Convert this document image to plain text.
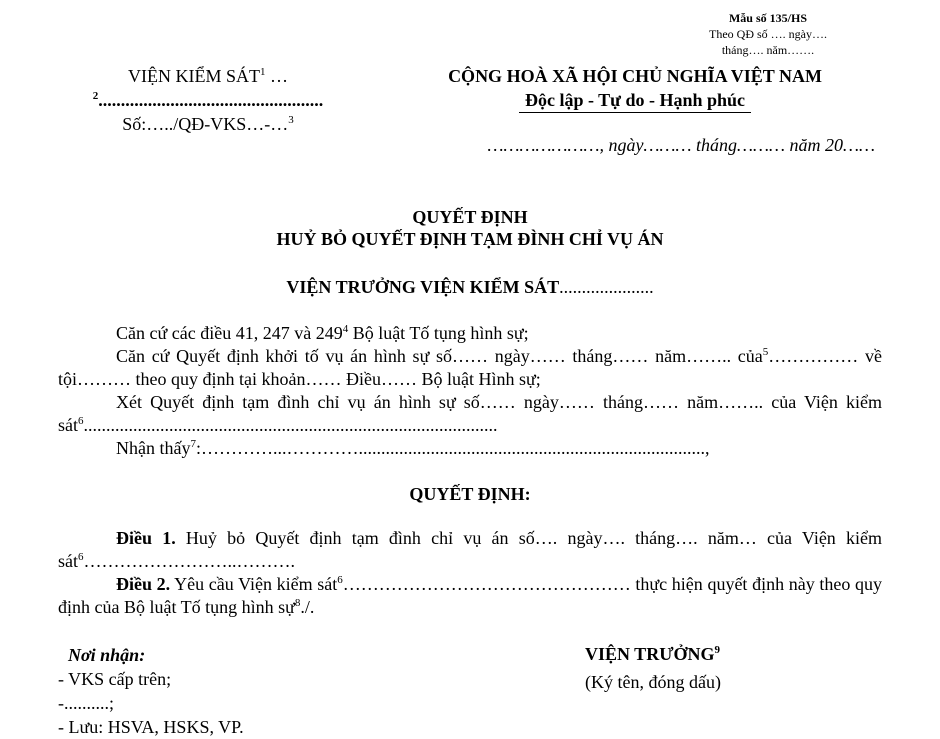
Mẫu số 135/HS
Theo QĐ số …. ngày….
tháng…. năm…….
VIỆN KIỂM SÁT$^1$ …
$^2$..................................................
Số:…../QĐ-VKS…-…$^3$
CỘNG HOÀ XÃ HỘI CHỦ NGHĨA VIỆT NAM
Độc lập - Tự do - Hạnh phúc
…………………, ngày……… tháng……… năm 20……
QUYẾT ĐỊNH
HUỶ BỎ QUYẾT ĐỊNH TẠM ĐÌNH CHỈ VỤ ÁN
VIỆN TRƯỞNG VIỆN KIỂM SÁT.....................

Căn cứ các điều 41, 247 và $249^4$ Bộ luật Tố tụng hình sự;

Căn cứ Quyết định khởi tố vụ án hình sự số…… ngày…… tháng…… năm…….. của$^5$…………… về tội……… theo quy định tại khoản…… Điều…… Bộ luật Hình sự;

Xét Quyết định tạm đình chỉ vụ án hình sự số…… ngày…… tháng…… năm…….. của Viện kiểm sát$^6$............................................................................................

Nhận thấy$^7$:…………...………….............................................................................,

QUYẾT ĐỊNH:

Điều 1. Huỷ bỏ Quyết định tạm đình chỉ vụ án số…. ngày…. tháng…. năm… của Viện kiểm sát$^6$……………………..……….

Điều 2. Yêu cầu Viện kiểm sát$^6$………………………………………… thực hiện quyết định này theo quy định của Bộ luật Tố tụng hình sự$^8$./.

Nơi nhận:
- VKS cấp trên;
-..........;
- Lưu: HSVA, HSKS, VP.
VIỆN TRƯỞNG$^9$
(Ký tên, đóng dấu)
